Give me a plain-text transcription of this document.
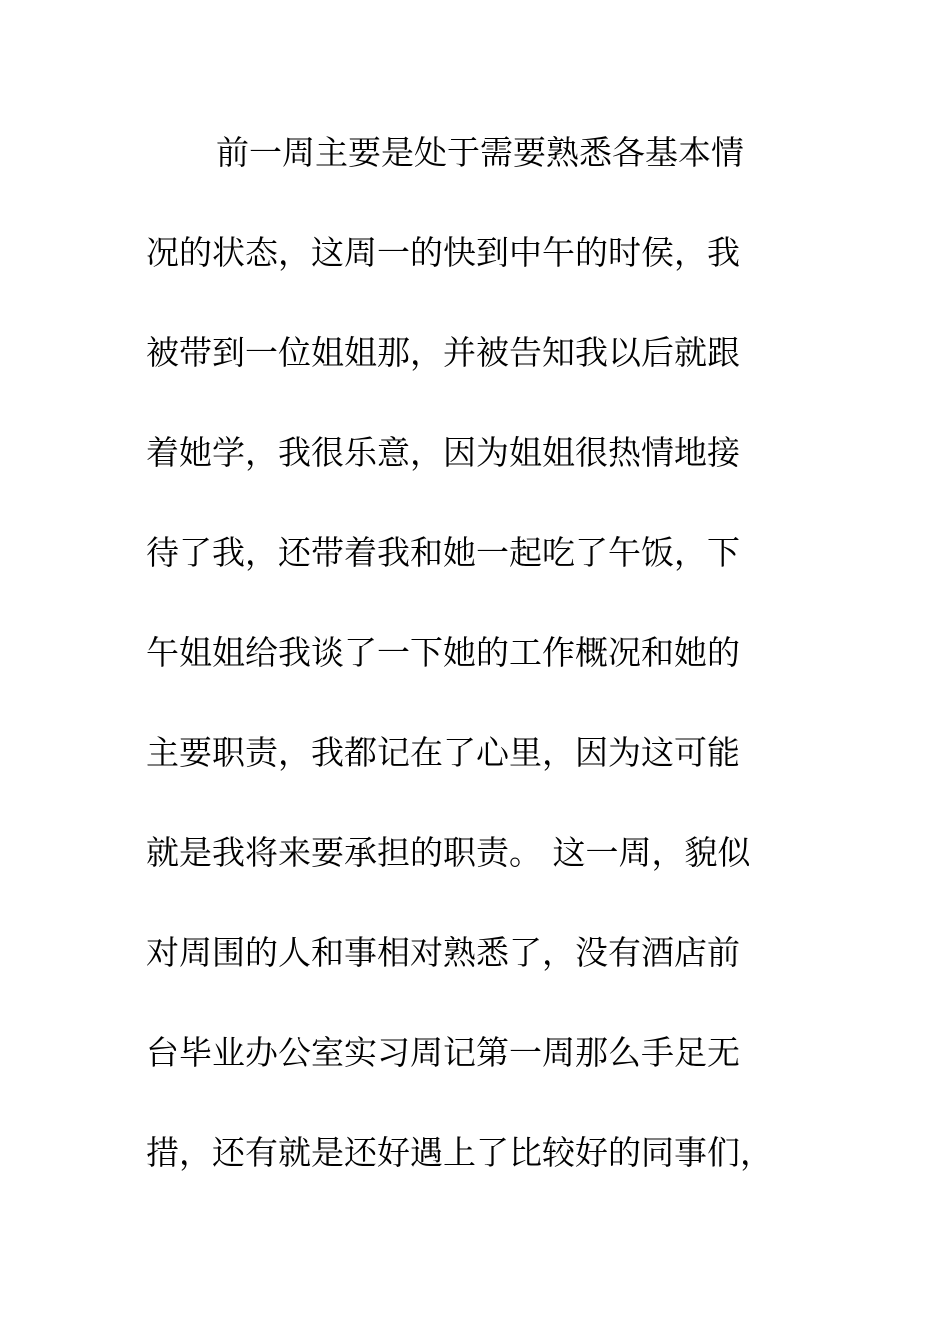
前一周主要是处于需要熟悉各基本情
况的状态，这周一的快到中午的时侯，我
被带到一位姐姐那，并被告知我以后就跟
着她学，我很乐意，因为姐姐很热情地接
待了我，还带着我和她一起吃了午饭，下
午姐姐给我谈了一下她的工作概况和她的
主要职责，我都记在了心里，因为这可能
就是我将来要承担的职责。 这一周，貌似
对周围的人和事相对熟悉了，没有酒店前
台毕业办公室实习周记第一周那么手足无
措，还有就是还好遇上了比较好的同事们，
